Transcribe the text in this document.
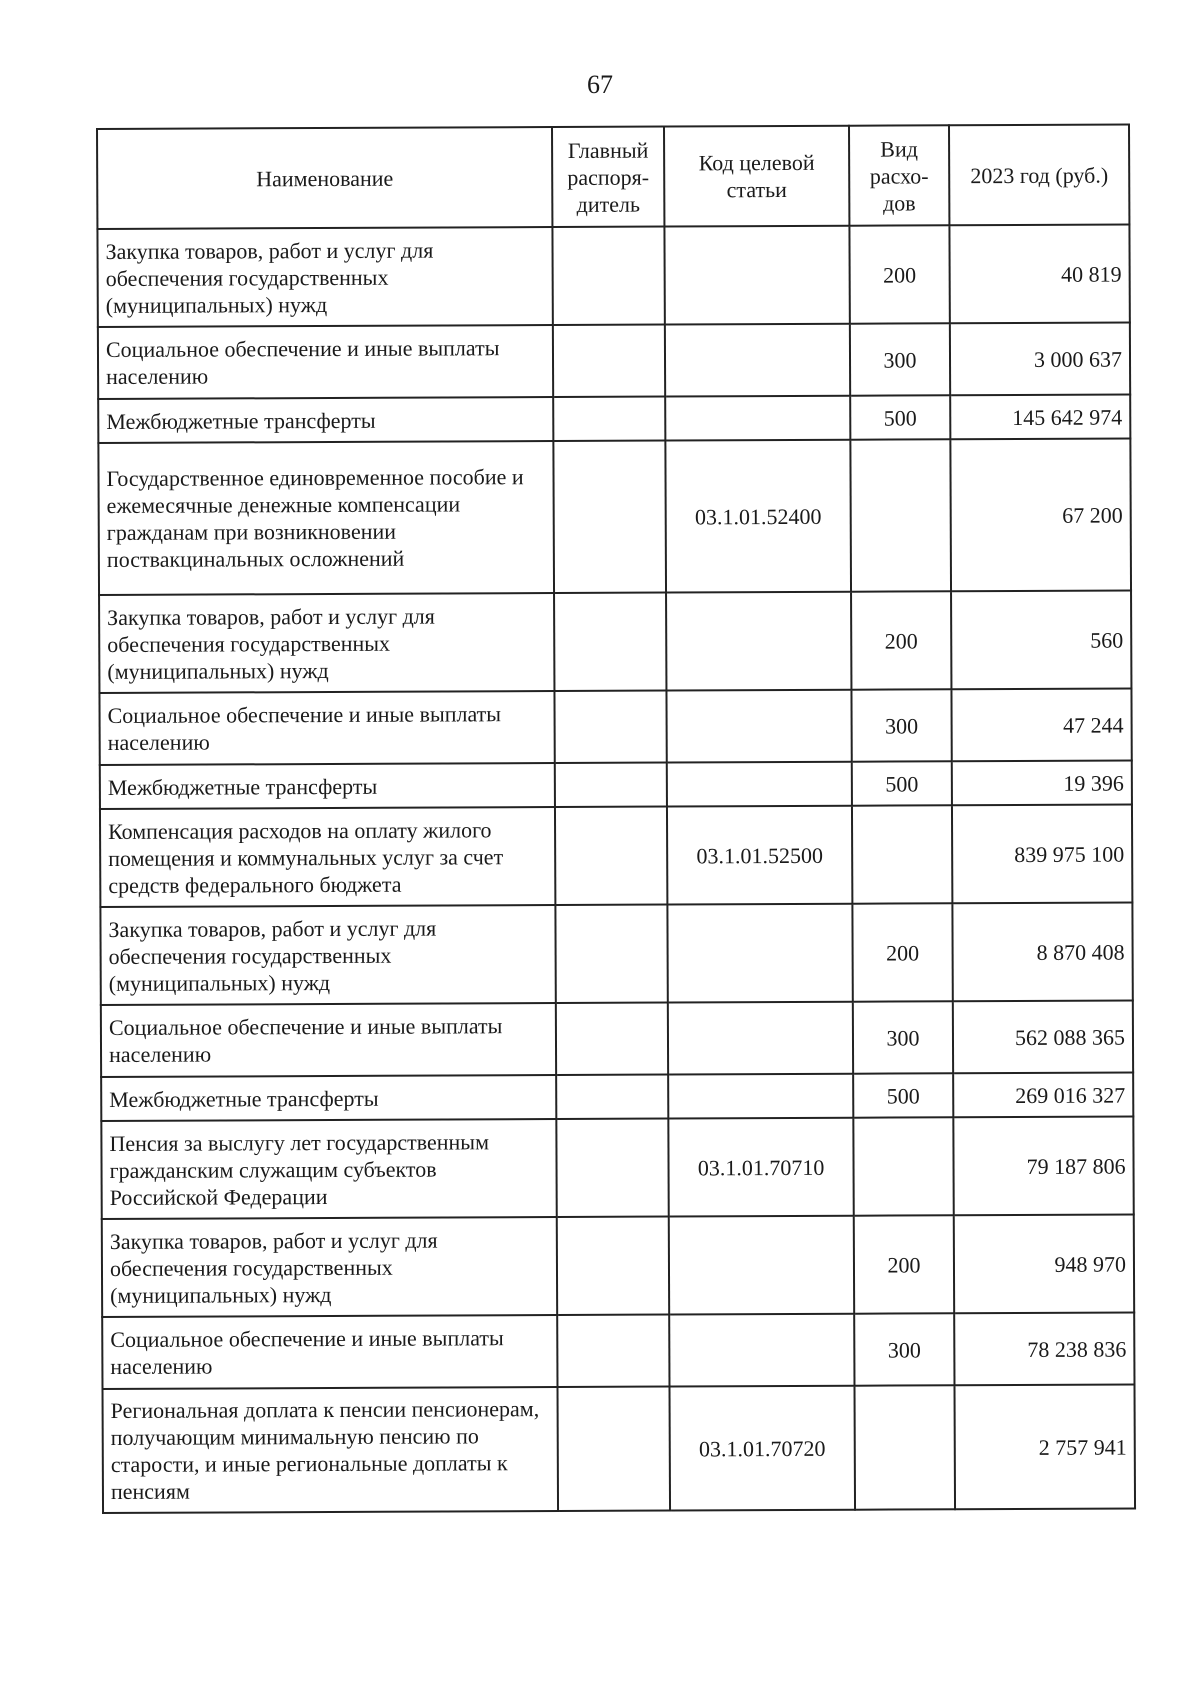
67
Наименование	Главный распоря-дитель	Код целевой статьи	Вид расхо-дов	2023 год (руб.)
Закупка товаров, работ и услуг для обеспечения государственных (муниципальных) нужд			200	40 819
Социальное обеспечение и иные выплаты населению			300	3 000 637
Межбюджетные трансферты			500	145 642 974
Государственное единовременное пособие и ежемесячные денежные компенсации гражданам при возникновении поствакцинальных осложнений		03.1.01.52400		67 200
Закупка товаров, работ и услуг для обеспечения государственных (муниципальных) нужд			200	560
Социальное обеспечение и иные выплаты населению			300	47 244
Межбюджетные трансферты			500	19 396
Компенсация расходов на оплату жилого помещения и коммунальных услуг за счет средств федерального бюджета		03.1.01.52500		839 975 100
Закупка товаров, работ и услуг для обеспечения государственных (муниципальных) нужд			200	8 870 408
Социальное обеспечение и иные выплаты населению			300	562 088 365
Межбюджетные трансферты			500	269 016 327
Пенсия за выслугу лет государственным гражданским служащим субъектов Российской Федерации		03.1.01.70710		79 187 806
Закупка товаров, работ и услуг для обеспечения государственных (муниципальных) нужд			200	948 970
Социальное обеспечение и иные выплаты населению			300	78 238 836
Региональная доплата к пенсии пенсионерам, получающим минимальную пенсию по старости, и иные региональные доплаты к пенсиям		03.1.01.70720		2 757 941
